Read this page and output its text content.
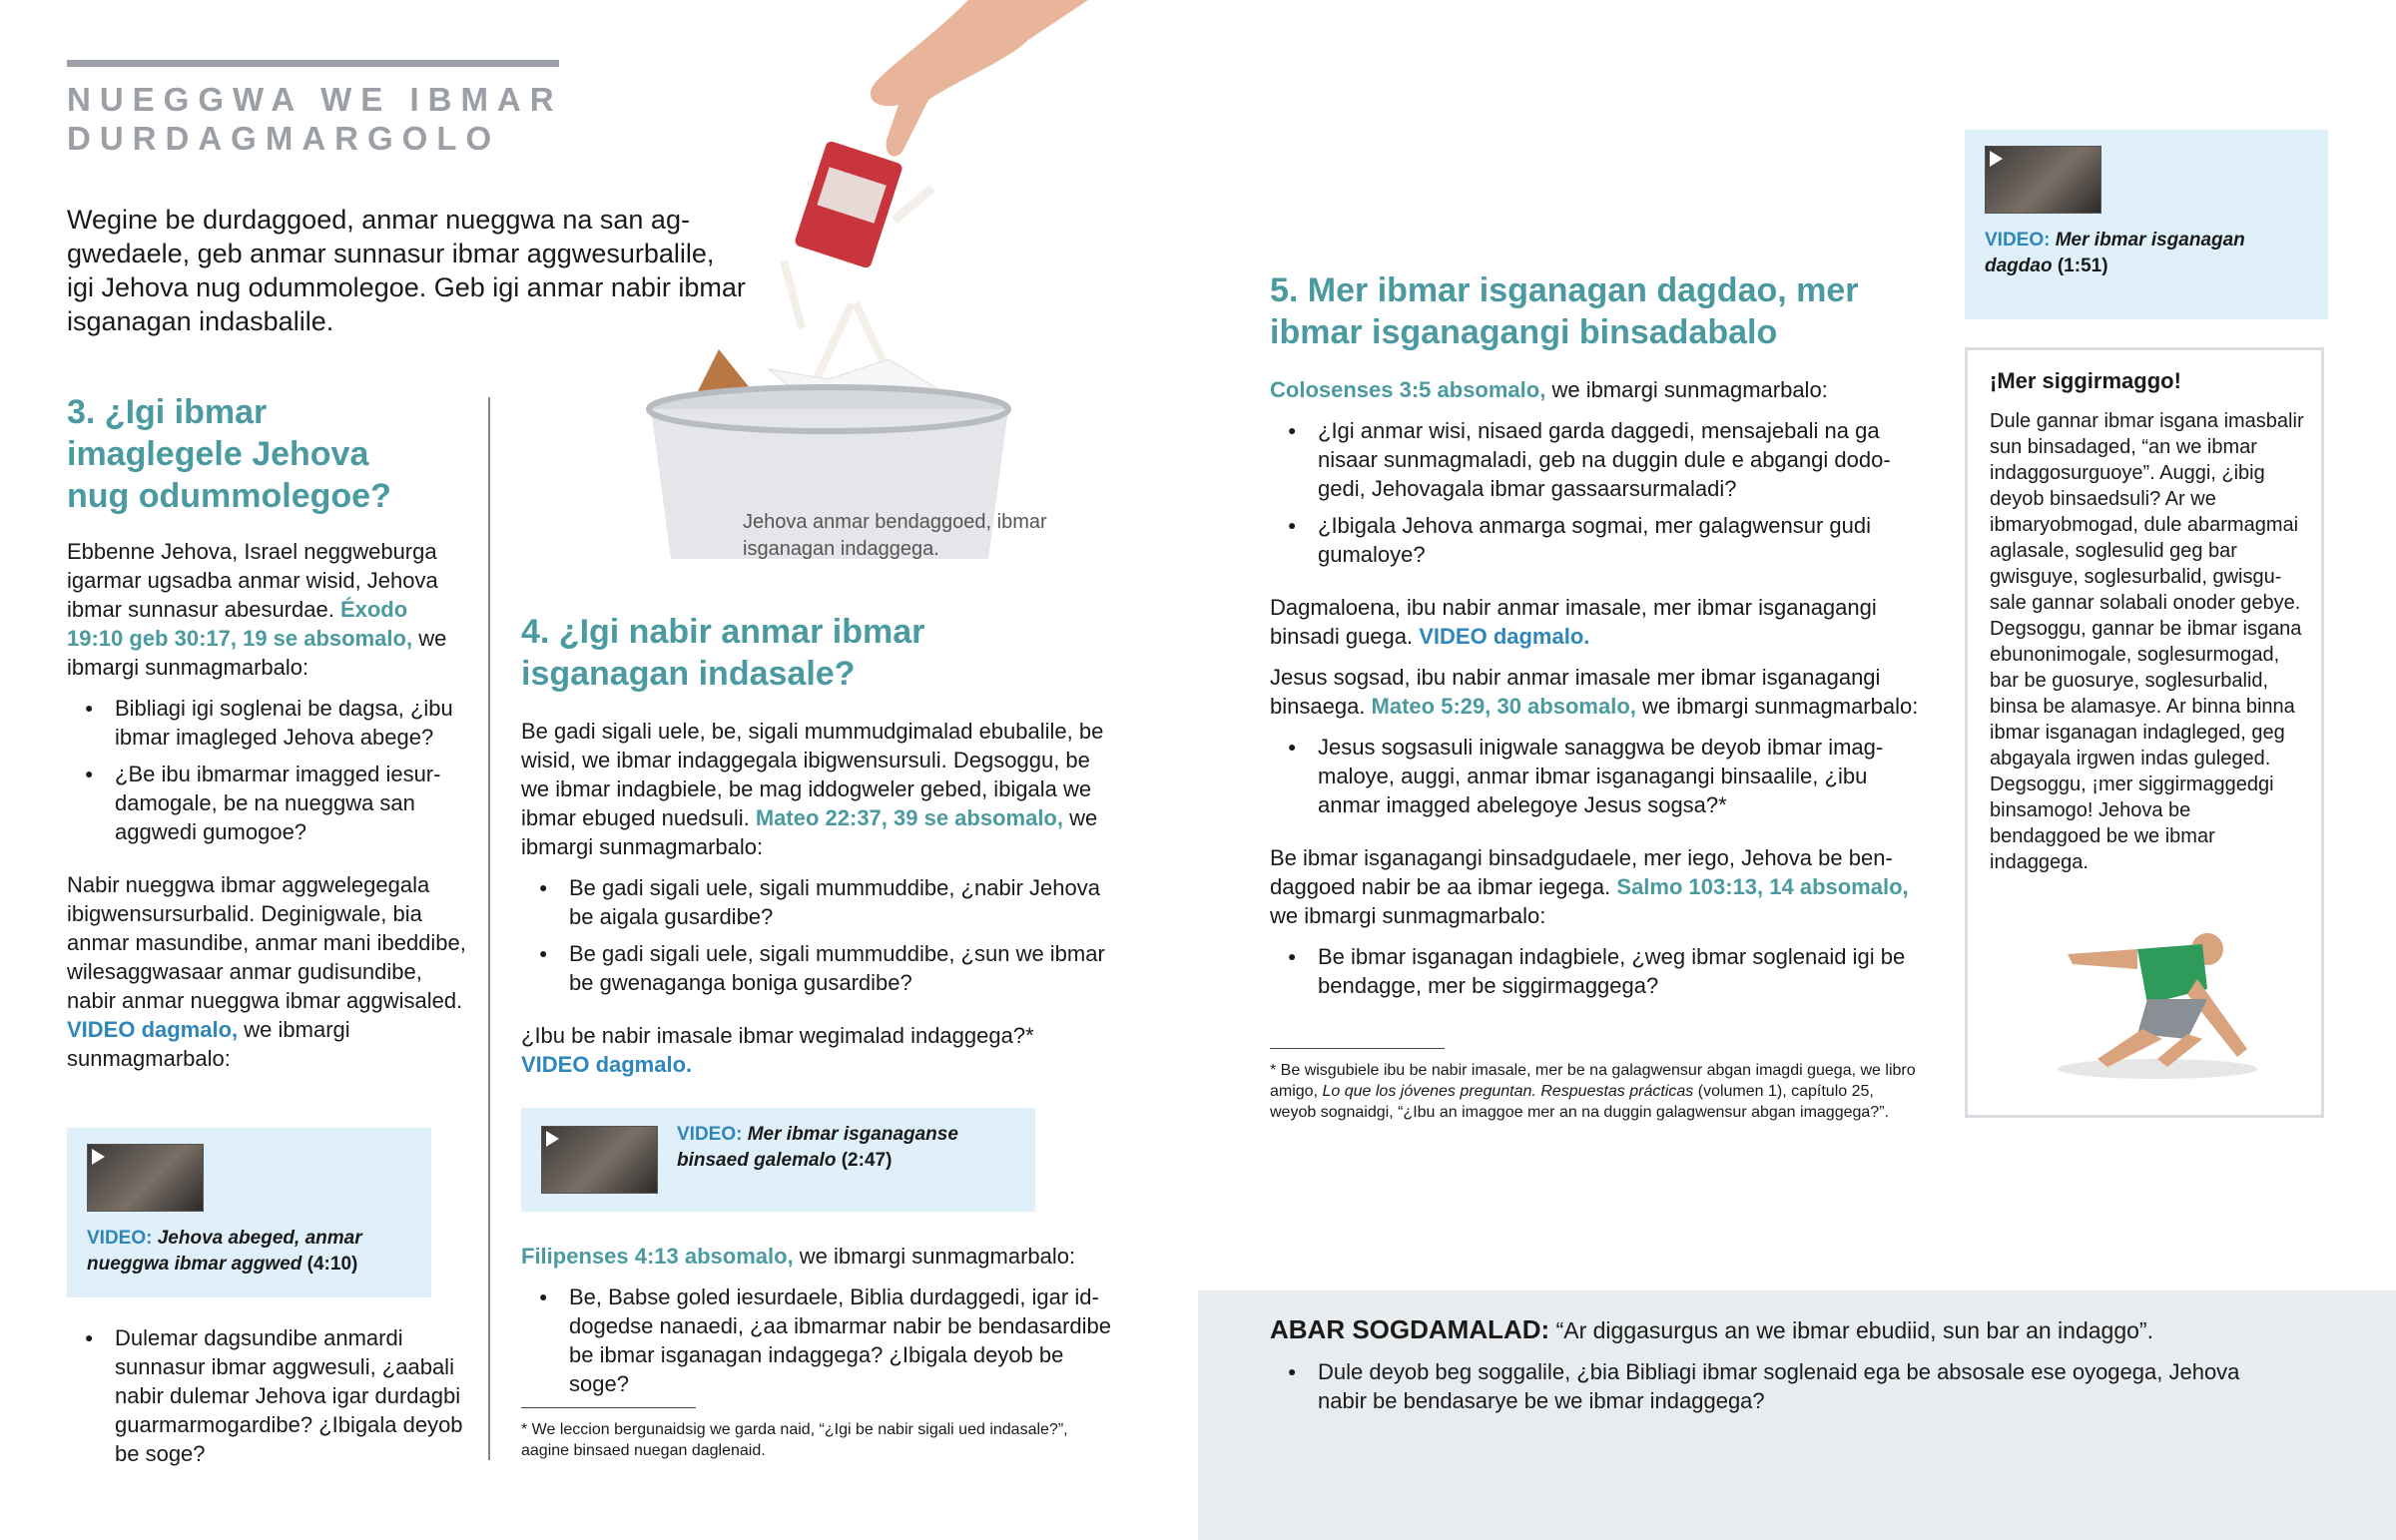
NUEGGWA WE IBMAR
DURDAGMARGOLO

Wegine be durdaggoed, anmar nueggwa na san aggwedaele, geb anmar sunnasur ibmar aggwesurbalile, igi Jehova nug odummolegoe. Geb igi anmar nabir ibmar isganagan indasbalile.

Jehova anmar bendaggoed, ibmar isganagan indaggega.

3. ¿Igi ibmar imaglegele Jehova nug odummolegoe?

Ebbenne Jehova, Israel neggweburga igarmar ugsadba anmar wisid, Jehova ibmar sunnasur abesurdae. Éxodo 19:10 geb 30:17, 19 se absomalo, we ibmargi sunmagmarbalo:

● Bibliagi igi soglenai be dagsa, ¿ibu ibmar imagleged Jehova abege?
● ¿Be ibu ibmarmar imagged iesurdamogale, be na nueggwa san aggwedi gumogoe?

Nabir nueggwa ibmar aggwelegegala ibigwensursurbalid. Deginigwale, bia anmar masundibe, anmar mani ibeddibe, wilesaggwasaar anmar gudisundibe, nabir anmar nueggwa ibmar aggwisaled. VIDEO dagmalo, we ibmargi sunmagmarbalo:

VIDEO: Jehova abeged, anmar nueggwa ibmar aggwed (4:10)
● Dulemar dagsundibe anmardi sunnasur ibmar aggwesuli, ¿aabali nabir dulemar Jehova igar durdagbi guarmarmogardibe? ¿Ibigala deyob be soge?
4. ¿Igi nabir anmar ibmar isganagan indasale?

Be gadi sigali uele, be, sigali mummudgimalad ebubalile, be wisid, we ibmar indaggegala ibigwensursuli. Degsoggu, be we ibmar indagbiele, be mag iddogweler gebed, ibigala we ibmar ebuged nuedsuli. Mateo 22:37, 39 se absomalo, we ibmargi sunmagmarbalo:

● Be gadi sigali uele, sigali mummuddibe, ¿nabir Jehova be aigala gusardibe?
● Be gadi sigali uele, sigali mummuddibe, ¿sun we ibmar be gwenaganga boniga gusardibe?

¿Ibu be nabir imasale ibmar wegimalad indaggega?*
VIDEO dagmalo.

VIDEO: Mer ibmar isganaganse binsaed galemalo (2:47)

Filipenses 4:13 absomalo, we ibmargi sunmagmarbalo:

● Be, Babse goled iesurdaele, Biblia durdaggedi, igar iddogedse nanaedi, ¿aa ibmarmar nabir be bendasardibe be ibmar isganagan indaggega? ¿Ibigala deyob be soge?

* We leccion bergunaidsig we garda naid, “¿Igi be nabir sigali ued indasale?”, aagine binsaed nuegan daglenaid.

5. Mer ibmar isganagan dagdao, mer ibmar isganagangi binsadabalo

Colosenses 3:5 absomalo, we ibmargi sunmagmarbalo:

● ¿Igi anmar wisi, nisaed garda daggedi, mensajebali na ga nisaar sunmagmaladi, geb na duggin dule e abgangi dodogedi, Jehovagala ibmar gassaarsurmaladi?
● ¿Ibigala Jehova anmarga sogmai, mer galagwensur gudi gumaloye?

Dagmaloena, ibu nabir anmar imasale, mer ibmar isganagangi binsadi guega. VIDEO dagmalo.

Jesus sogsad, ibu nabir anmar imasale mer ibmar isganagangi binsaega. Mateo 5:29, 30 absomalo, we ibmargi sunmagmarbalo:

● Jesus sogsasuli inigwale sanaggwa be deyob ibmar imagmaloye, auggi, anmar ibmar isganagangi binsaalile, ¿ibu anmar imagged abelegoye Jesus sogsa?*

Be ibmar isganagangi binsadgudaele, mer iego, Jehova be bendaggoed nabir be aa ibmar iegega. Salmo 103:13, 14 absomalo, we ibmargi sunmagmarbalo:

● Be ibmar isganagan indagbiele, ¿weg ibmar soglenaid igi be bendagge, mer be siggirmaggega?

* Be wisgubiele ibu be nabir imasale, mer be na galagwensur abgan imagdi guega, we libro amigo, Lo que los jóvenes preguntan. Respuestas prácticas (volumen 1), capítulo 25, weyob sognaidgi, “¿Ibu an imaggoe mer an na duggin galagwensur abgan imaggega?”.

VIDEO: Mer ibmar isganagan dagdao (1:51)
¡Mer siggirmaggo!

Dule gannar ibmar isgana imasbalir sun binsadaged, “an we ibmar indaggosurguoye”. Auggi, ¿ibig deyob binsaedsuli? Ar we ibmaryobmogad, dule abarmagmai aglasale, soglesulid geg bar gwisguye, soglesurbalid, gwisgusale gannar solabali onoder gebye. Degsoggu, gannar be ibmar isgana ebunonimogale, soglesurmogad, bar be guosurye, soglesurbalid, binsa be alamasye. Ar binna binna ibmar isganagan indagleged, geg abgayala irgwen indas guleged. Degsoggu, ¡mer siggirmaggedgi binsamogo! Jehova be bendaggoed be we ibmar indaggega.

ABAR SOGDAMALAD: “Ar diggasurgus an we ibmar ebudiid, sun bar an indaggo”.

● Dule deyob beg soggalile, ¿bia Bibliagi ibmar soglenaid ega be absosale ese oyogega, Jehova nabir be bendasarye be we ibmar indaggega?
